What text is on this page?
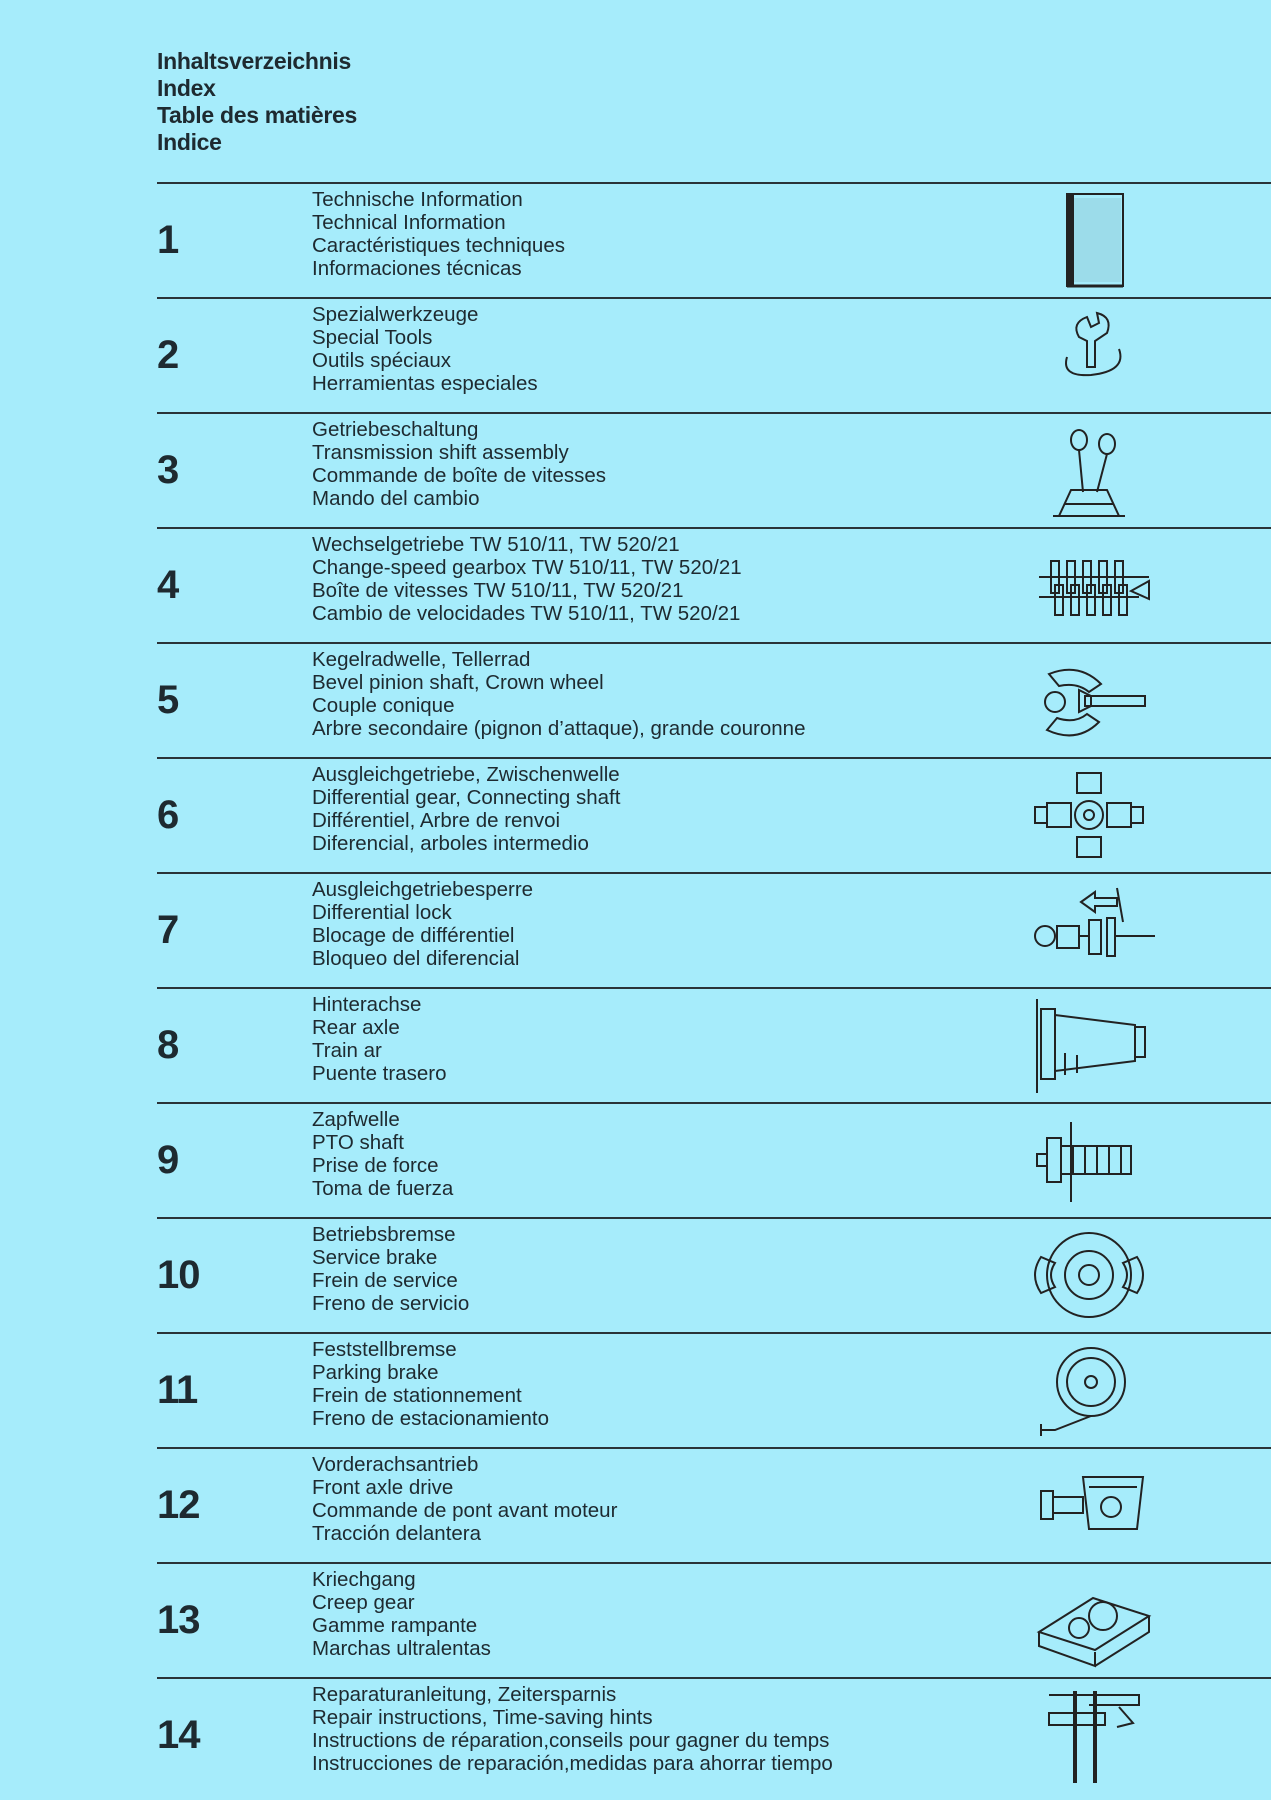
Inhaltsverzeichnis
Index
Table des matières
Indice
1
Technische Information
Technical Information
Caractéristiques techniques
Informaciones técnicas
2
Spezialwerkzeuge
Special Tools
Outils spéciaux
Herramientas especiales
3
Getriebeschaltung
Transmission shift assembly
Commande de boîte de vitesses
Mando del cambio
4
Wechselgetriebe TW 510/11, TW 520/21
Change-speed gearbox TW 510/11, TW 520/21
Boîte de vitesses TW 510/11, TW 520/21
Cambio de velocidades TW 510/11, TW 520/21
5
Kegelradwelle, Tellerrad
Bevel pinion shaft, Crown wheel
Couple conique
Arbre secondaire (pignon d’attaque), grande couronne
6
Ausgleichgetriebe, Zwischenwelle
Differential gear, Connecting shaft
Différentiel, Arbre de renvoi
Diferencial, arboles intermedio
7
Ausgleichgetriebesperre
Differential lock
Blocage de différentiel
Bloqueo del diferencial
8
Hinterachse
Rear axle
Train ar
Puente trasero
9
Zapfwelle
PTO shaft
Prise de force
Toma de fuerza
10
Betriebsbremse
Service brake
Frein de service
Freno de servicio
11
Feststellbremse
Parking brake
Frein de stationnement
Freno de estacionamiento
12
Vorderachsantrieb
Front axle drive
Commande de pont avant moteur
Tracción delantera
13
Kriechgang
Creep gear
Gamme rampante
Marchas ultralentas
14
Reparaturanleitung, Zeitersparnis
Repair instructions, Time-saving hints
Instructions de réparation,conseils pour gagner du temps
Instrucciones de reparación,medidas para ahorrar tiempo
